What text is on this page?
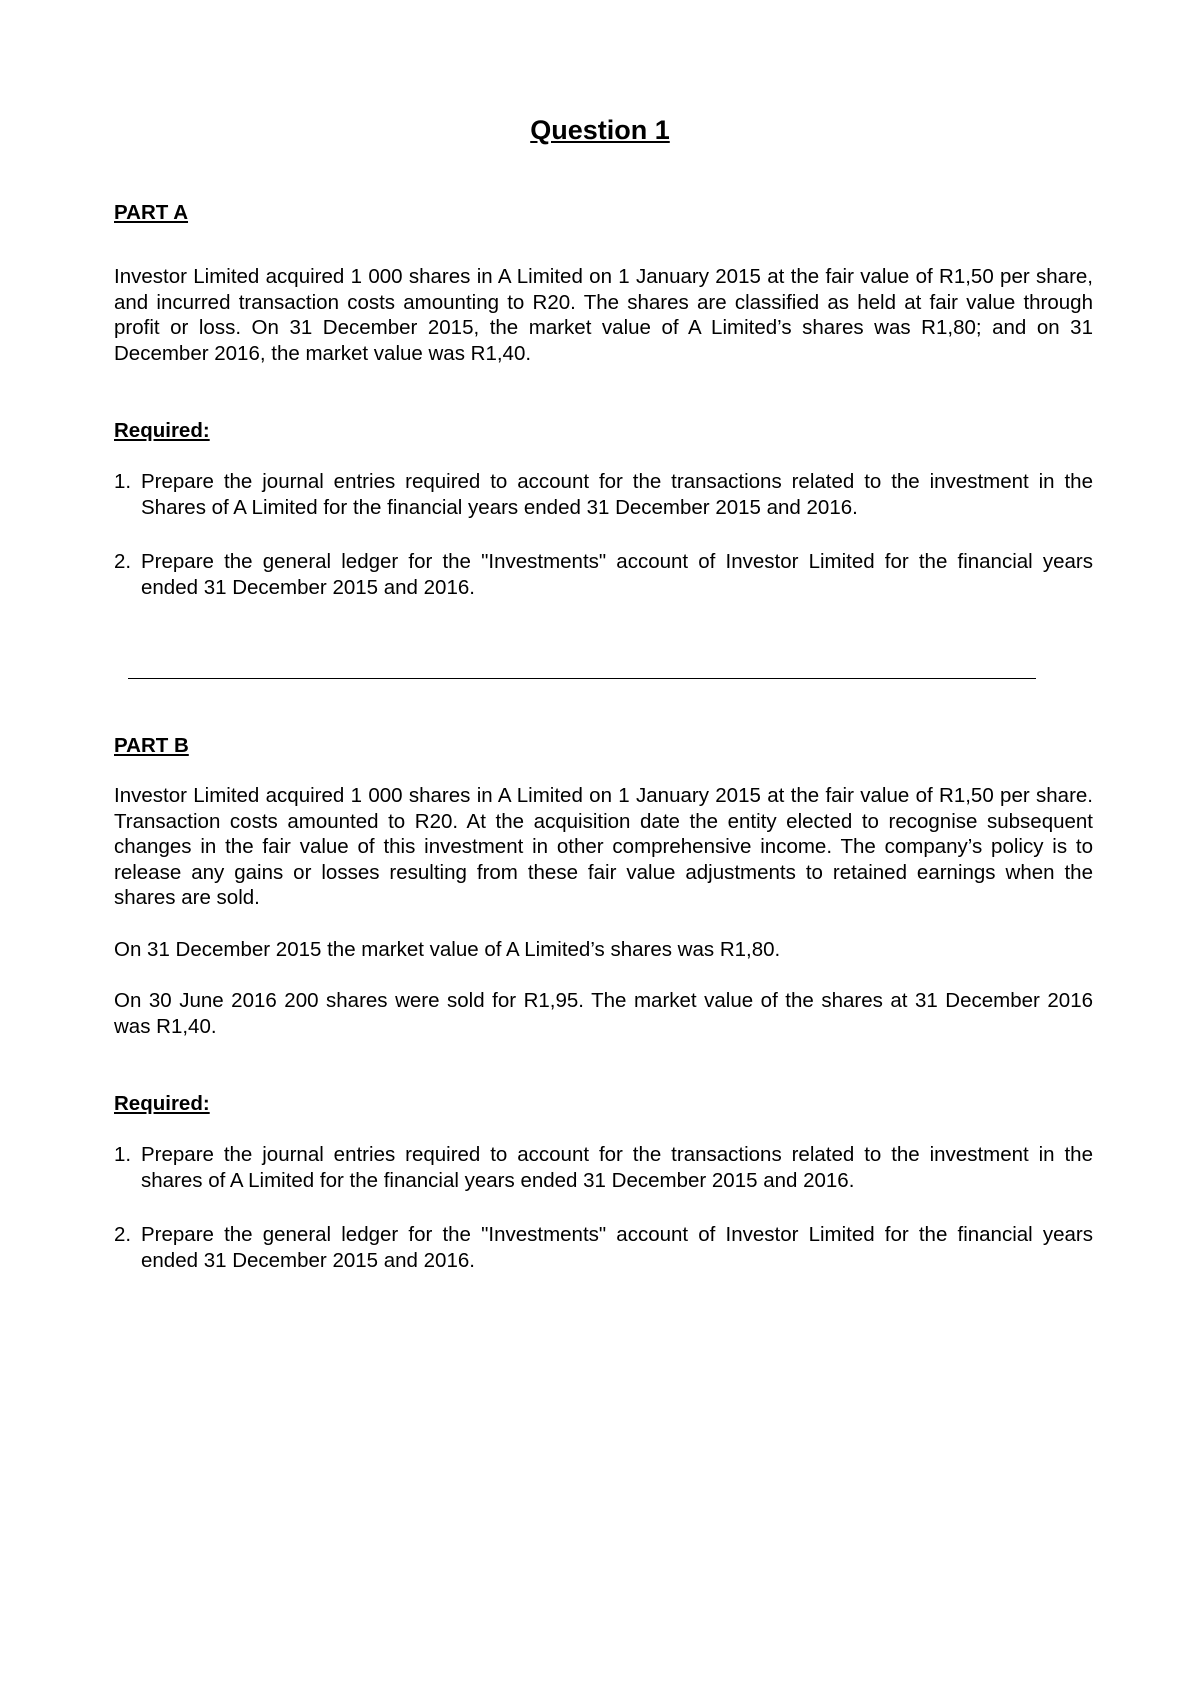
Question 1

PART A

Investor Limited acquired 1 000 shares in A Limited on 1 January 2015 at the fair value of R1,50 per share, and incurred transaction costs amounting to R20. The shares are classified as held at fair value through profit or loss. On 31 December 2015, the market value of A Limited’s shares was R1,80; and on 31 December 2016, the market value was R1,40.

Required:

1. Prepare the journal entries required to account for the transactions related to the investment in the Shares of A Limited for the financial years ended 31 December 2015 and 2016.
2. Prepare the general ledger for the "Investments" account of Investor Limited for the financial years ended 31 December 2015 and 2016.

PART B

Investor Limited acquired 1 000 shares in A Limited on 1 January 2015 at the fair value of R1,50 per share. Transaction costs amounted to R20. At the acquisition date the entity elected to recognise subsequent changes in the fair value of this investment in other comprehensive income. The company’s policy is to release any gains or losses resulting from these fair value adjustments to retained earnings when the shares are sold.

On 31 December 2015 the market value of A Limited’s shares was R1,80.

On 30 June 2016 200 shares were sold for R1,95. The market value of the shares at 31 December 2016 was R1,40.

Required:

1. Prepare the journal entries required to account for the transactions related to the investment in the shares of A Limited for the financial years ended 31 December 2015 and 2016.
2. Prepare the general ledger for the "Investments" account of Investor Limited for the financial years ended 31 December 2015 and 2016.
